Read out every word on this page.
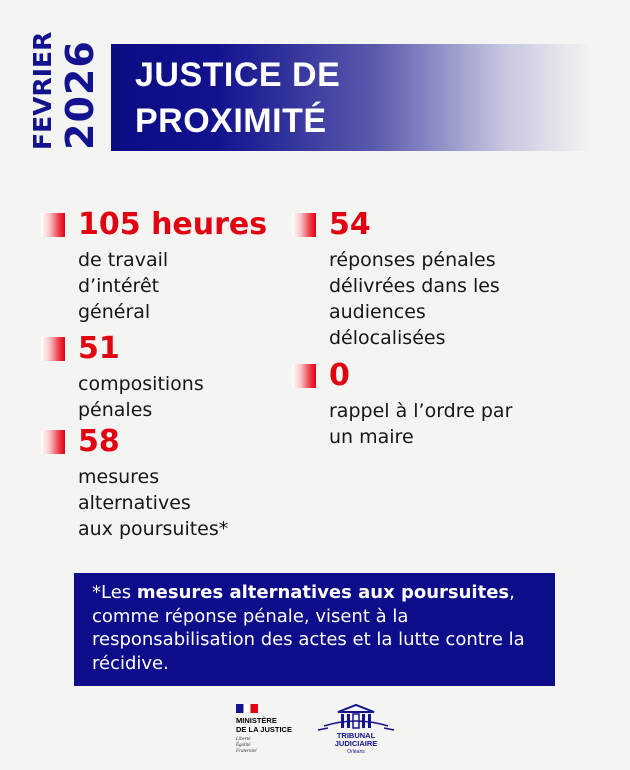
FEVRIER 2026 JUSTICE DE
PROXIMITÉ
105 heures
de travail
d’intérêt
général
51
compositions
pénales
58
mesures
alternatives
aux poursuites*
54
réponses pénales
délivrées dans les
audiences
délocalisées
0
rappel à l’ordre par
un maire
*Les mesures alternatives aux poursuites, comme réponse pénale, visent à la responsabilisation des actes et la lutte contre la récidive.
MINISTÈRE
DE LA JUSTICE
Liberté
Égalité
Fraternité
TRIBUNAL
JUDICIAIRE
Orléans
